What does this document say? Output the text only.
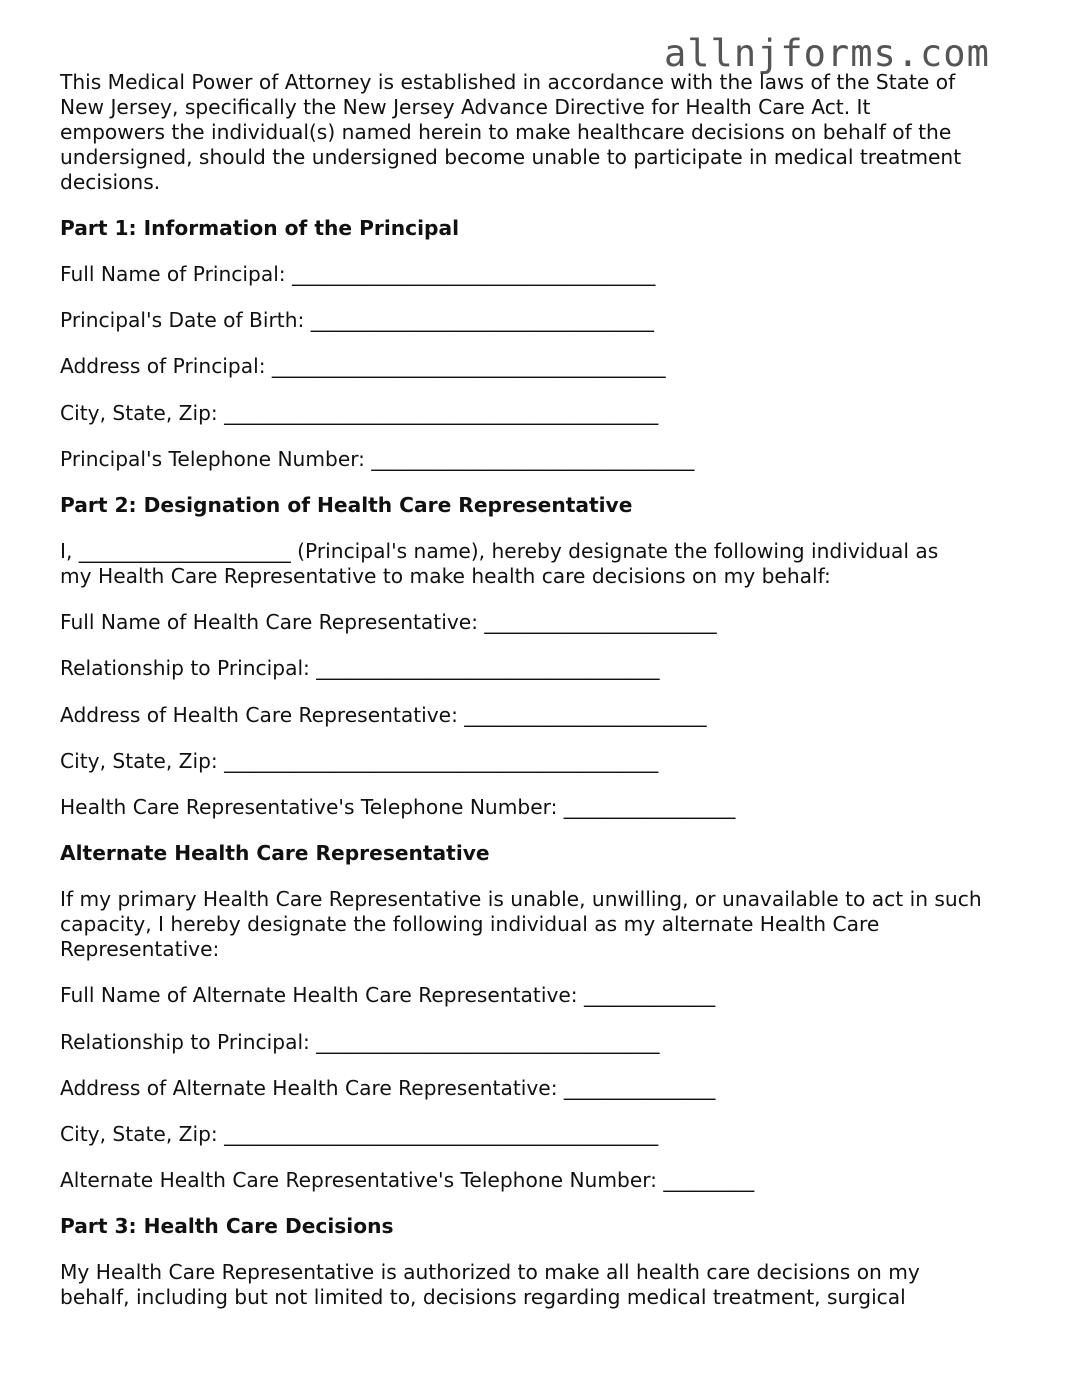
allnjforms.com
This Medical Power of Attorney is established in accordance with the laws of the State of
New Jersey, specifically the New Jersey Advance Directive for Health Care Act. It
empowers the individual(s) named herein to make healthcare decisions on behalf of the
undersigned, should the undersigned become unable to participate in medical treatment
decisions.
Part 1: Information of the Principal
Full Name of Principal: ____________________________________
Principal's Date of Birth: __________________________________
Address of Principal: _______________________________________
City, State, Zip: ___________________________________________
Principal's Telephone Number: ________________________________
Part 2: Designation of Health Care Representative
I, _____________________ (Principal's name), hereby designate the following individual as
my Health Care Representative to make health care decisions on my behalf:
Full Name of Health Care Representative: _______________________
Relationship to Principal: __________________________________
Address of Health Care Representative: ________________________
City, State, Zip: ___________________________________________
Health Care Representative's Telephone Number: _________________
Alternate Health Care Representative
If my primary Health Care Representative is unable, unwilling, or unavailable to act in such
capacity, I hereby designate the following individual as my alternate Health Care
Representative:
Full Name of Alternate Health Care Representative: _____________
Relationship to Principal: __________________________________
Address of Alternate Health Care Representative: _______________
City, State, Zip: ___________________________________________
Alternate Health Care Representative's Telephone Number: _________
Part 3: Health Care Decisions
My Health Care Representative is authorized to make all health care decisions on my
behalf, including but not limited to, decisions regarding medical treatment, surgical
